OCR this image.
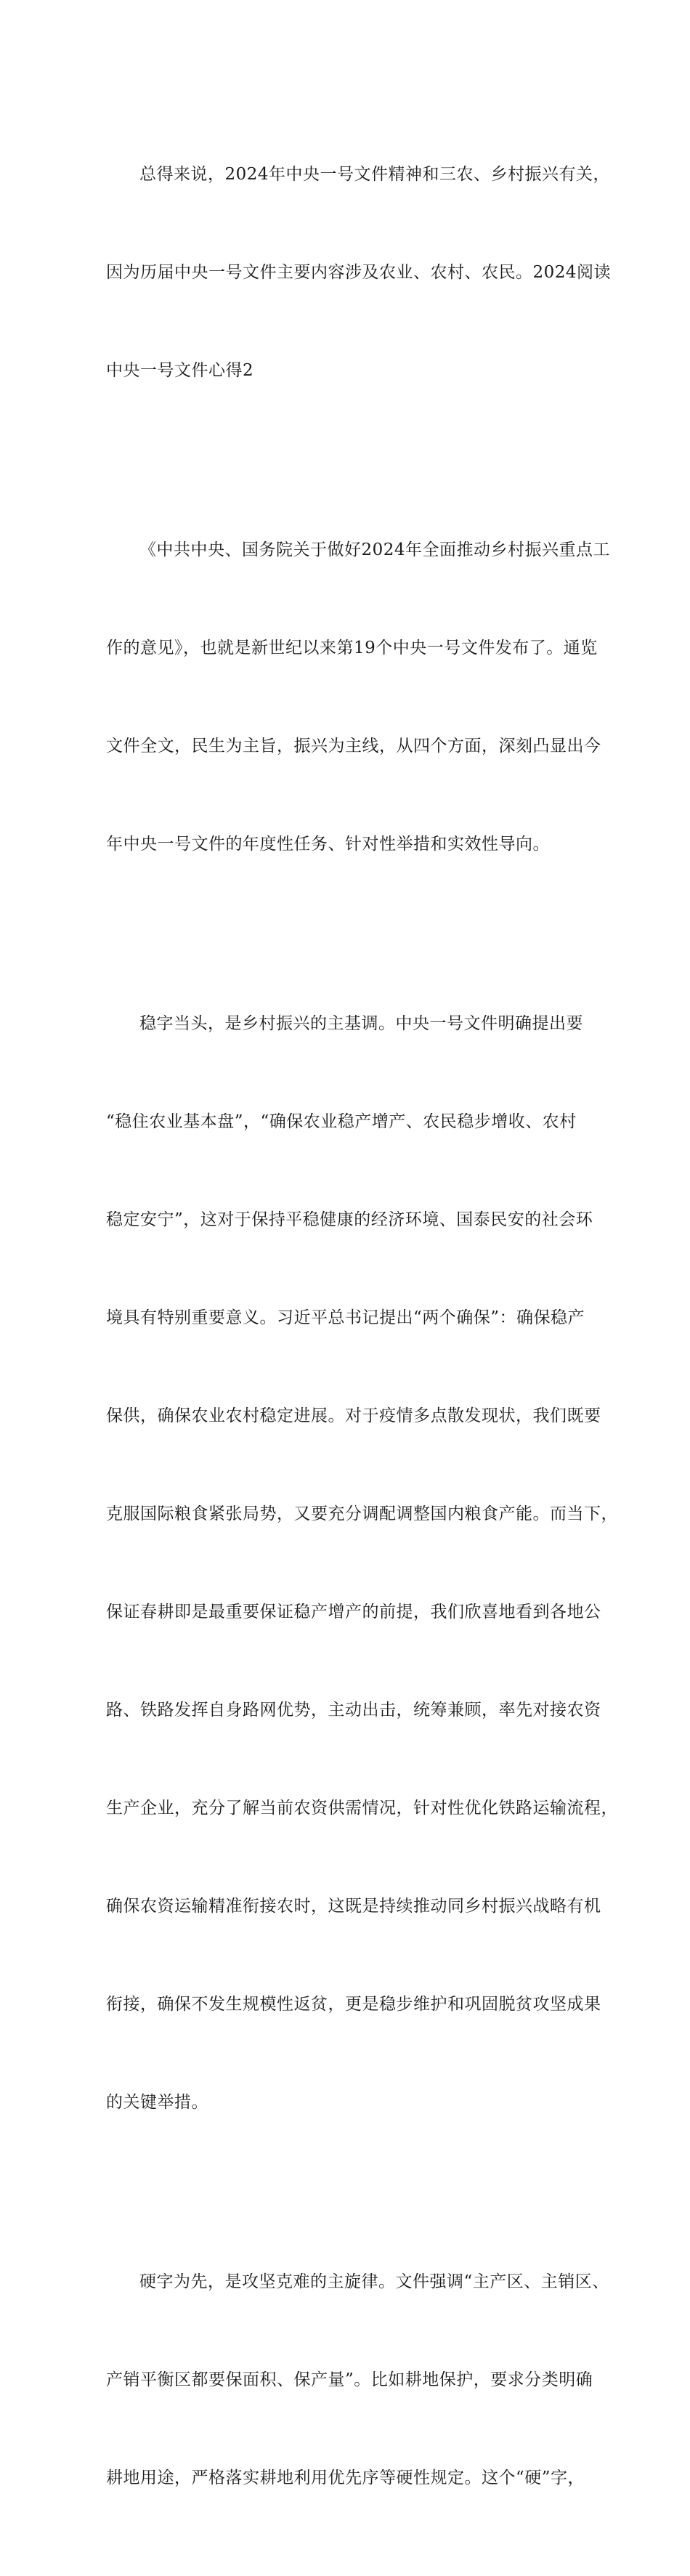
总得来说，2024年中央一号文件精神和三农、乡村振兴有关，

因为历届中央一号文件主要内容涉及农业、农村、农民。2024阅读

中央一号文件心得2

《中共中央、国务院关于做好2024年全面推动乡村振兴重点工

作的意见》，也就是新世纪以来第19个中央一号文件发布了。通览

文件全文，民生为主旨，振兴为主线，从四个方面，深刻凸显出今

年中央一号文件的年度性任务、针对性举措和实效性导向。

稳字当头，是乡村振兴的主基调。中央一号文件明确提出要

“稳住农业基本盘”，“确保农业稳产增产、农民稳步增收、农村

稳定安宁”，这对于保持平稳健康的经济环境、国泰民安的社会环

境具有特别重要意义。习近平总书记提出“两个确保”：确保稳产

保供，确保农业农村稳定进展。对于疫情多点散发现状，我们既要

克服国际粮食紧张局势，又要充分调配调整国内粮食产能。而当下，

保证春耕即是最重要保证稳产增产的前提，我们欣喜地看到各地公

路、铁路发挥自身路网优势，主动出击，统筹兼顾，率先对接农资

生产企业，充分了解当前农资供需情况，针对性优化铁路运输流程，

确保农资运输精准衔接农时，这既是持续推动同乡村振兴战略有机

衔接，确保不发生规模性返贫，更是稳步维护和巩固脱贫攻坚成果

的关键举措。

硬字为先，是攻坚克难的主旋律。文件强调“主产区、主销区、

产销平衡区都要保面积、保产量”。比如耕地保护，要求分类明确

耕地用途，严格落实耕地利用优先序等硬性规定。这个“硬”字，
